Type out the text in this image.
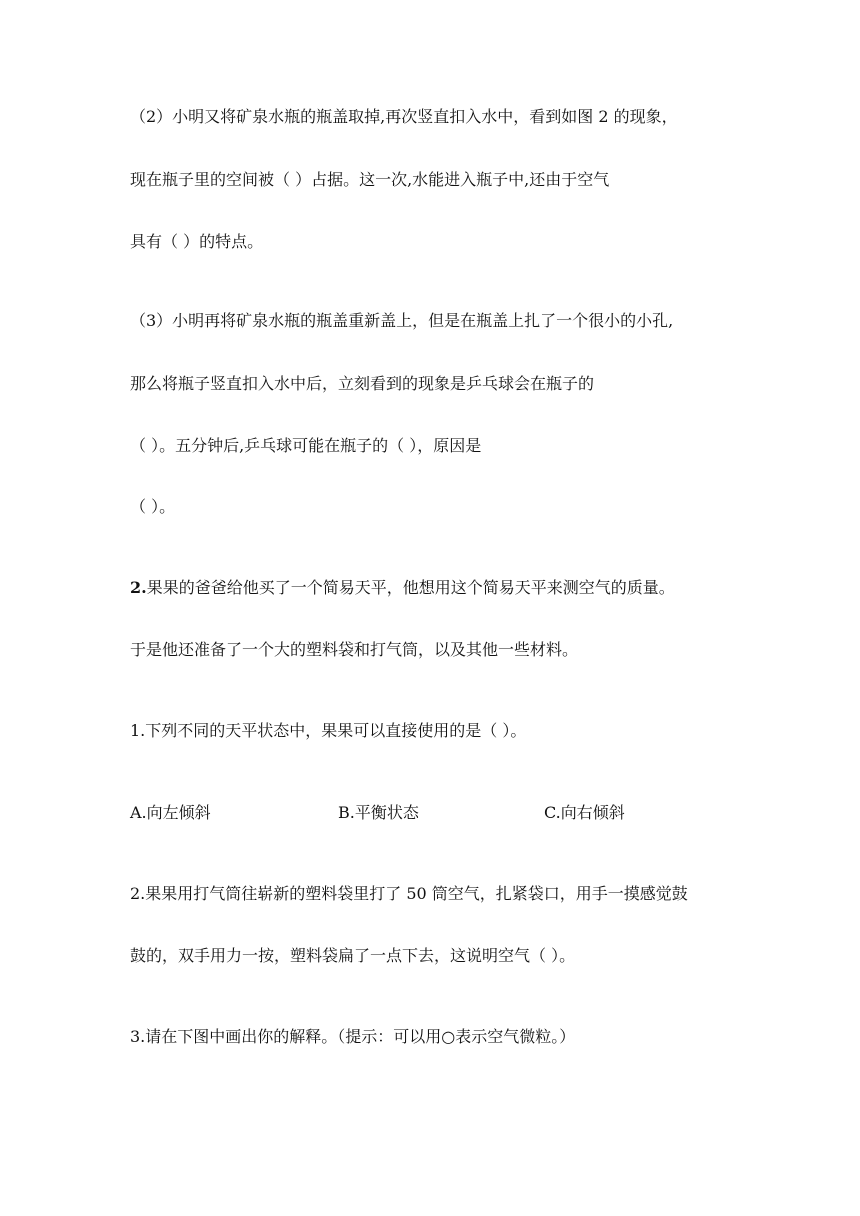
（2）小明又将矿泉水瓶的瓶盖取掉,再次竖直扣入水中，看到如图 2 的现象，
现在瓶子里的空间被（ ）占据。这一次,水能进入瓶子中,还由于空气
具有（ ）的特点。
（3）小明再将矿泉水瓶的瓶盖重新盖上，但是在瓶盖上扎了一个很小的小孔,
那么将瓶子竖直扣入水中后，立刻看到的现象是乒乓球会在瓶子的
（ ）。五分钟后,乒乓球可能在瓶子的（ ），原因是
（ ）。
2.果果的爸爸给他买了一个简易天平，他想用这个简易天平来测空气的质量。
于是他还准备了一个大的塑料袋和打气筒，以及其他一些材料。
1.下列不同的天平状态中，果果可以直接使用的是（ ）。
A.向左倾斜	B.平衡状态	C.向右倾斜
2.果果用打气筒往崭新的塑料袋里打了 50 筒空气，扎紧袋口，用手一摸感觉鼓
鼓的，双手用力一按，塑料袋扁了一点下去，这说明空气（ ）。
3.请在下图中画出你的解释。（提示：可以用○表示空气微粒。）
